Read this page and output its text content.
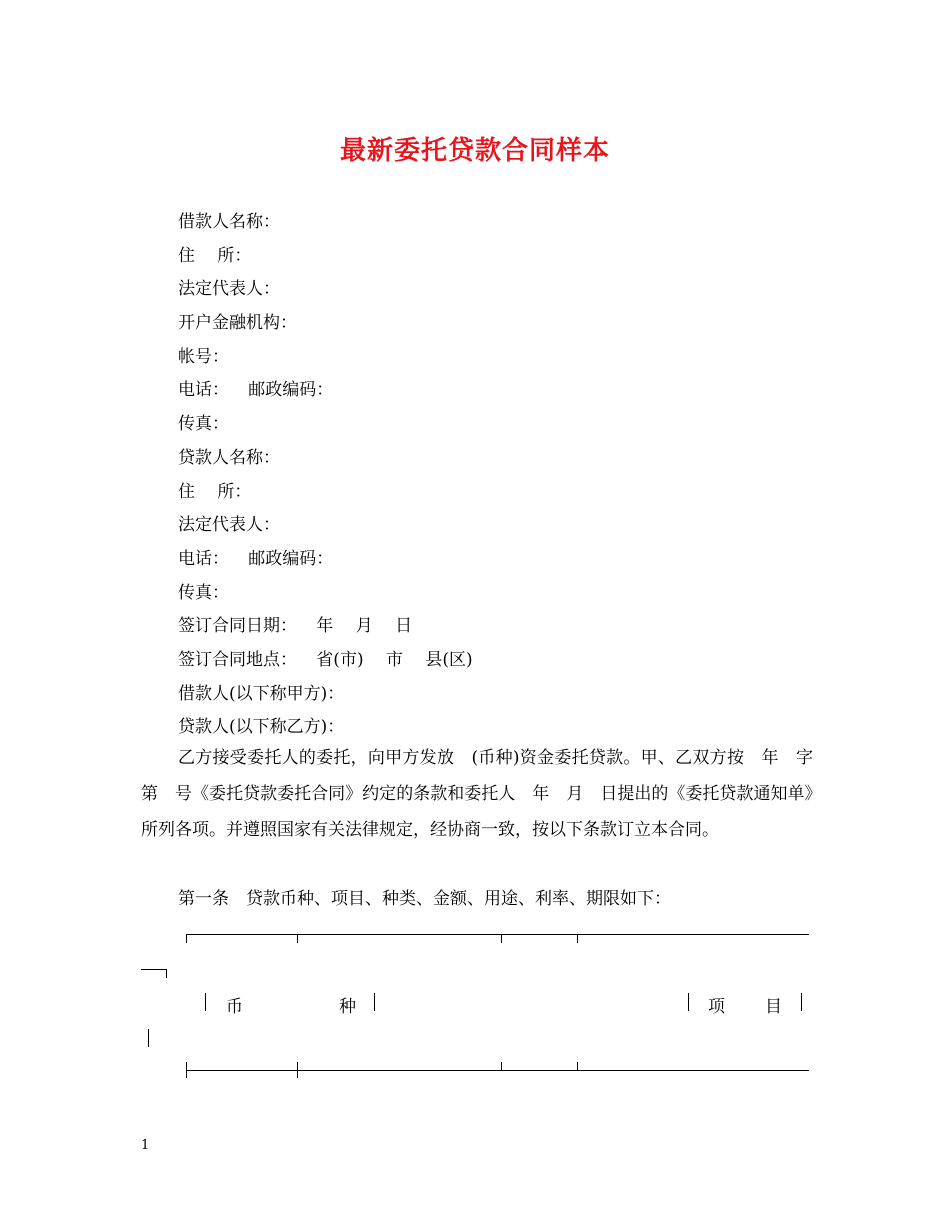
最新委托贷款合同样本
借款人名称：
住　 所：
法定代表人：
开户金融机构：
帐号：
电话：　  邮政编码：
传真：
贷款人名称：
住　 所：
法定代表人：
电话：　  邮政编码：
传真：
签订合同日期：　  年　 月　 日
签订合同地点：　  省(市)　 市　 县(区)
借款人(以下称甲方)：
贷款人(以下称乙方)：
乙方接受委托人的委托，向甲方发放　(币种)资金委托贷款。甲、乙双方按　年　字第　号《委托贷款委托合同》约定的条款和委托人　年　月　日提出的《委托贷款通知单》所列各项。并遵照国家有关法律规定，经协商一致，按以下条款订立本合同。
第一条　贷款币种、项目、种类、金额、用途、利率、期限如下：
币	种	项 目
1
